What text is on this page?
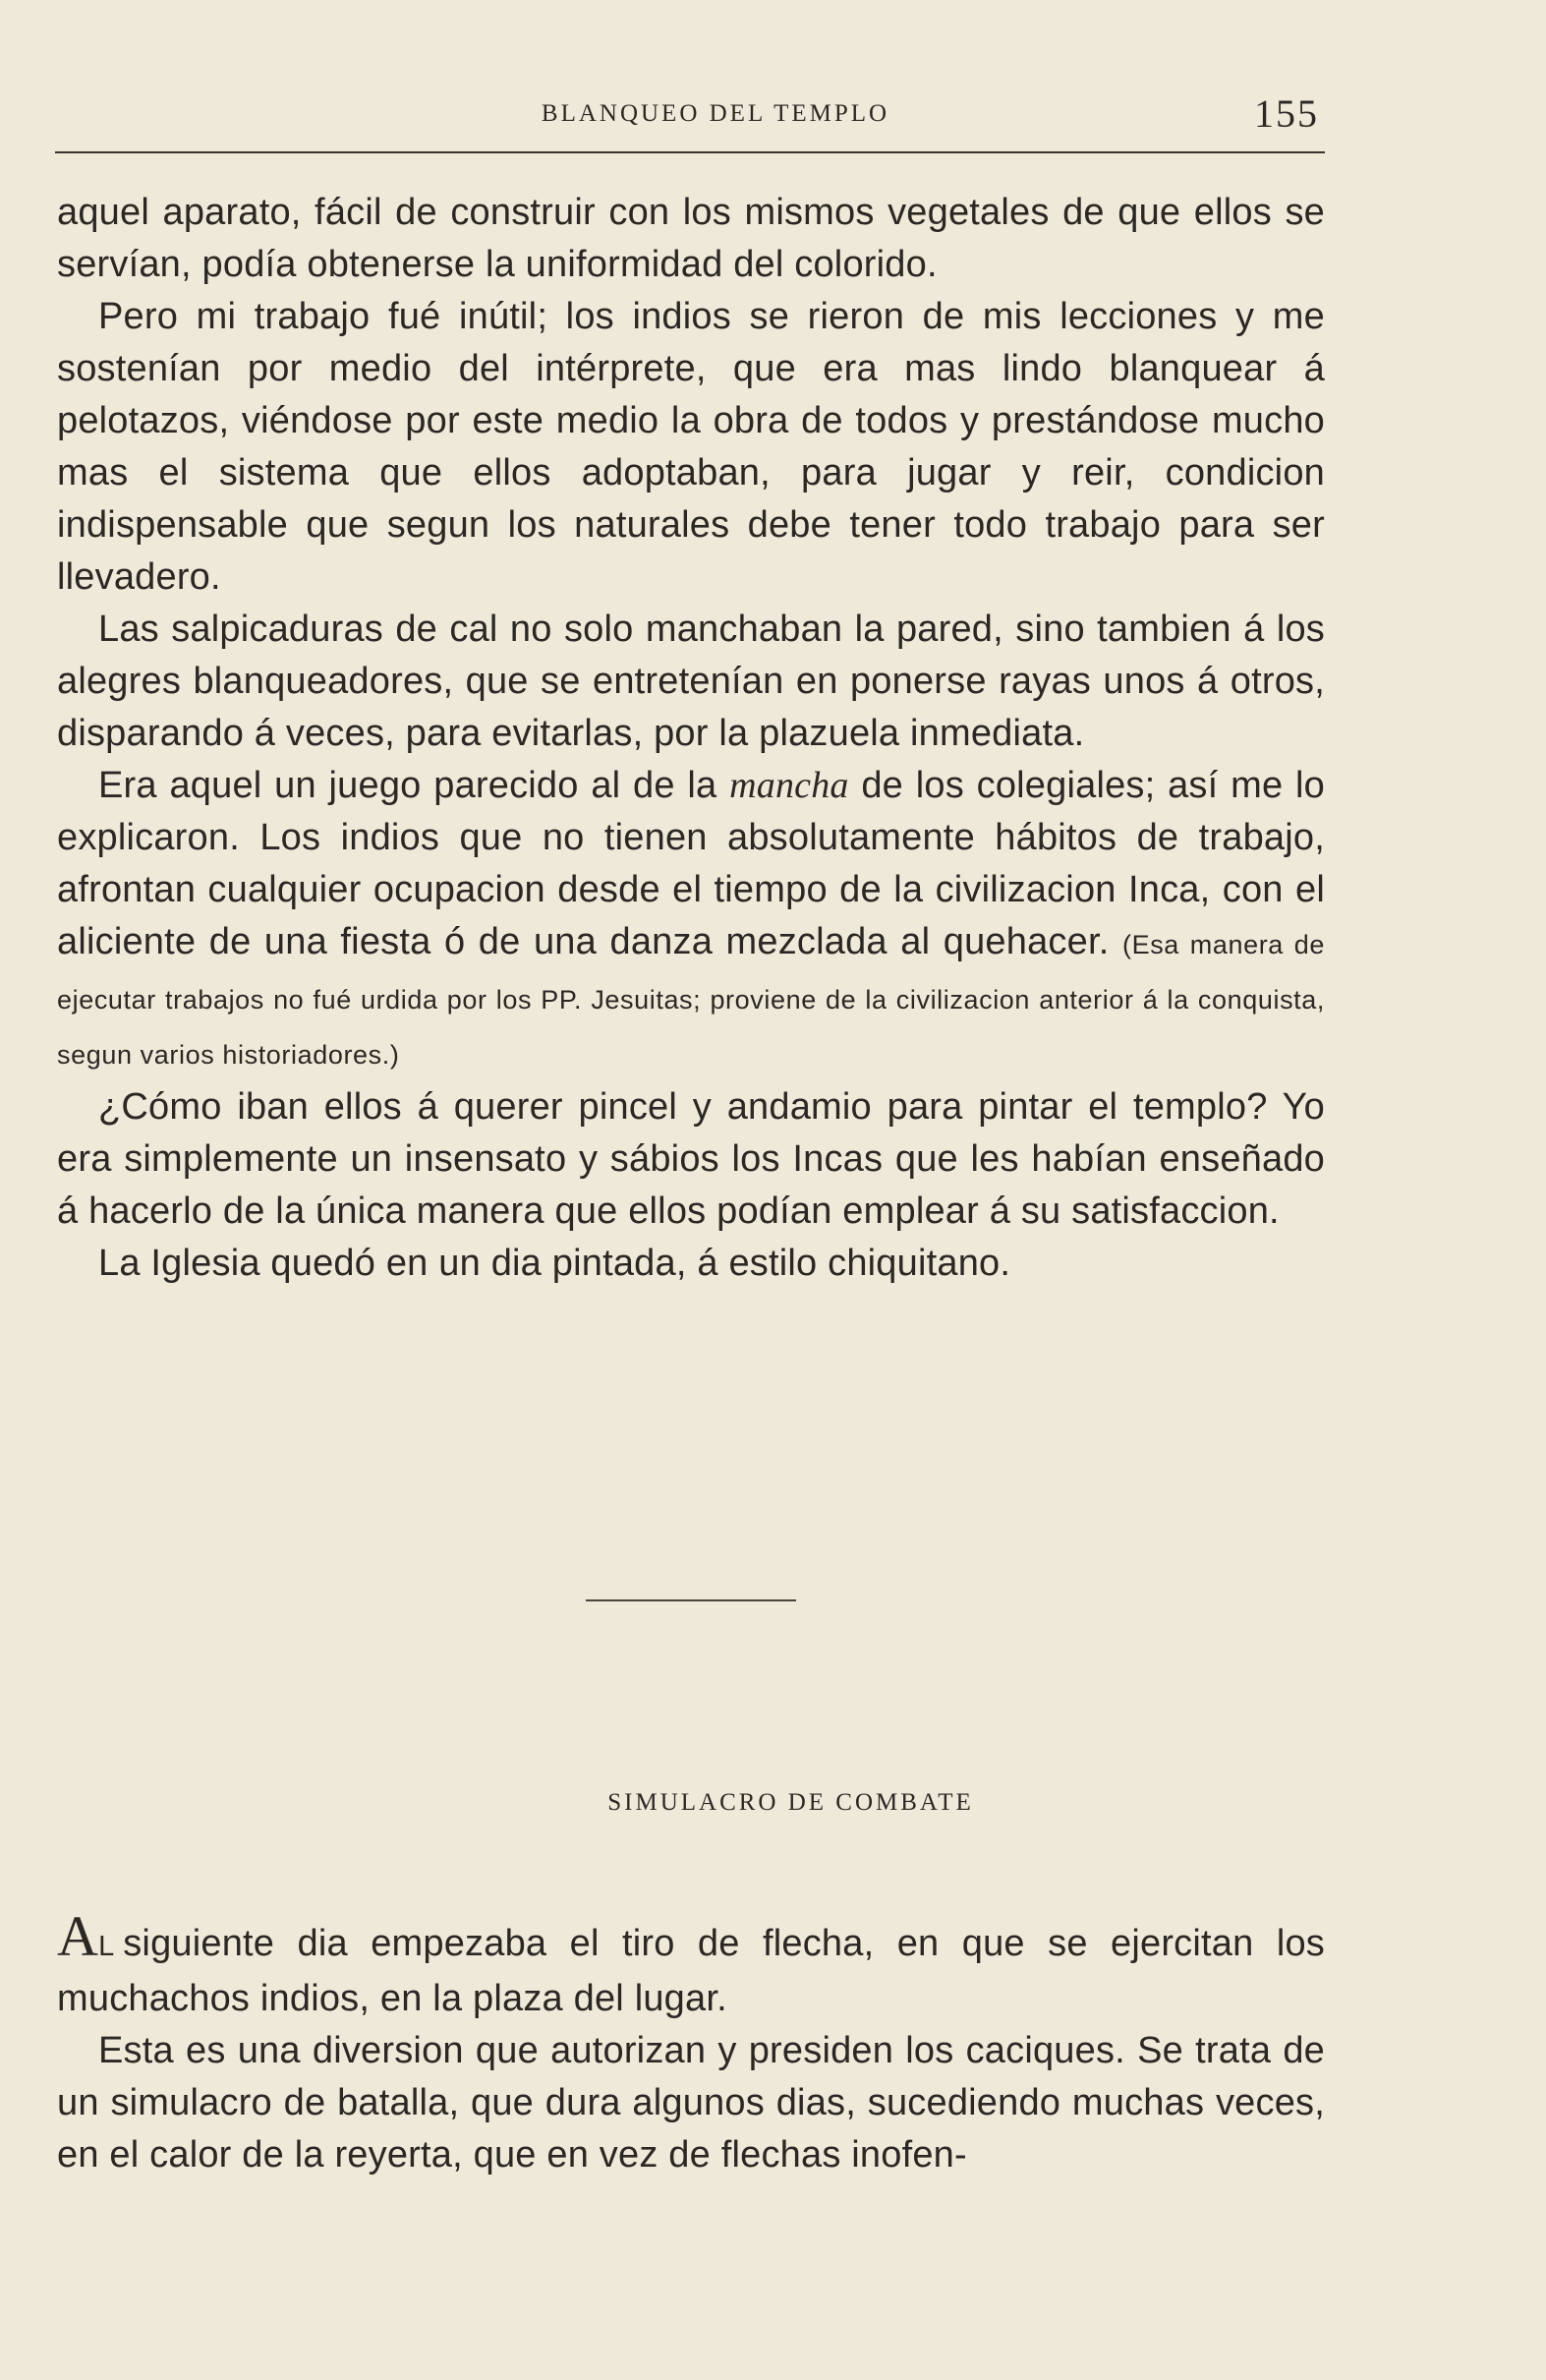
BLANQUEO DEL TEMPLO	155

aquel aparato, fácil de construir con los mismos vegetales de que ellos se servían, podía obtenerse la uniformidad del colorido.

Pero mi trabajo fué inútil; los indios se rieron de mis lecciones y me sostenían por medio del intérprete, que era mas lindo blanquear á pelotazos, viéndose por este medio la obra de todos y prestándose mucho mas el sistema que ellos adoptaban, para jugar y reir, condicion indispensable que segun los naturales debe tener todo trabajo para ser llevadero.

Las salpicaduras de cal no solo manchaban la pared, sino tambien á los alegres blanqueadores, que se entretenían en ponerse rayas unos á otros, disparando á veces, para evitarlas, por la plazuela inmediata.

Era aquel un juego parecido al de la mancha de los colegiales; así me lo explicaron. Los indios que no tienen absolutamente hábitos de trabajo, afrontan cualquier ocupacion desde el tiempo de la civilizacion Inca, con el aliciente de una fiesta ó de una danza mezclada al quehacer. (Esa manera de ejecutar trabajos no fué urdida por los PP. Jesuitas; proviene de la civilizacion anterior á la conquista, segun varios historiadores.)

¿Cómo iban ellos á querer pincel y andamio para pintar el templo? Yo era simplemente un insensato y sábios los Incas que les habían enseñado á hacerlo de la única manera que ellos podían emplear á su satisfaccion.

La Iglesia quedó en un dia pintada, á estilo chiquitano.

SIMULACRO DE COMBATE

AL siguiente dia empezaba el tiro de flecha, en que se ejercitan los muchachos indios, en la plaza del lugar.

Esta es una diversion que autorizan y presiden los caciques. Se trata de un simulacro de batalla, que dura algunos dias, sucediendo muchas veces, en el calor de la reyerta, que en vez de flechas inofen-
